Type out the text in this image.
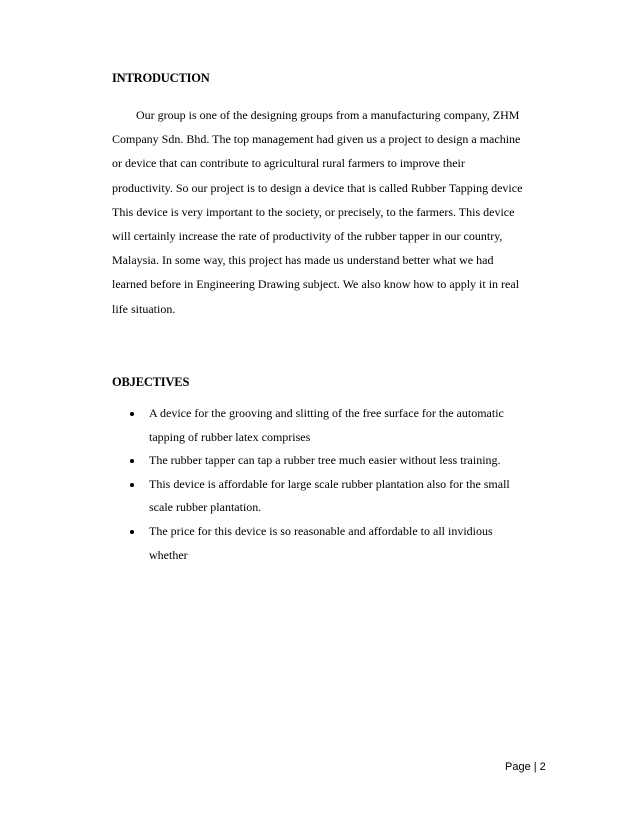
INTRODUCTION
Our group is one of the designing groups from a manufacturing company, ZHM
Company Sdn. Bhd. The top management had given us a project to design a machine
or device that can contribute to agricultural rural farmers to improve their
productivity. So our project is to design a device that is called Rubber Tapping device
This device is very important to the society, or precisely, to the farmers. This device
will certainly increase the rate of productivity of the rubber tapper in our country,
Malaysia. In some way, this project has made us understand better what we had
learned before in Engineering Drawing subject. We also know how to apply it in real
life situation.
OBJECTIVES
A device for the grooving and slitting of the free surface for the automatic
tapping of rubber latex comprises
The rubber tapper can tap a rubber tree much easier without less training.
This device is affordable for large scale rubber plantation also for the small
scale rubber plantation.
The price for this device is so reasonable and affordable to all invidious
whether
Page | 2
